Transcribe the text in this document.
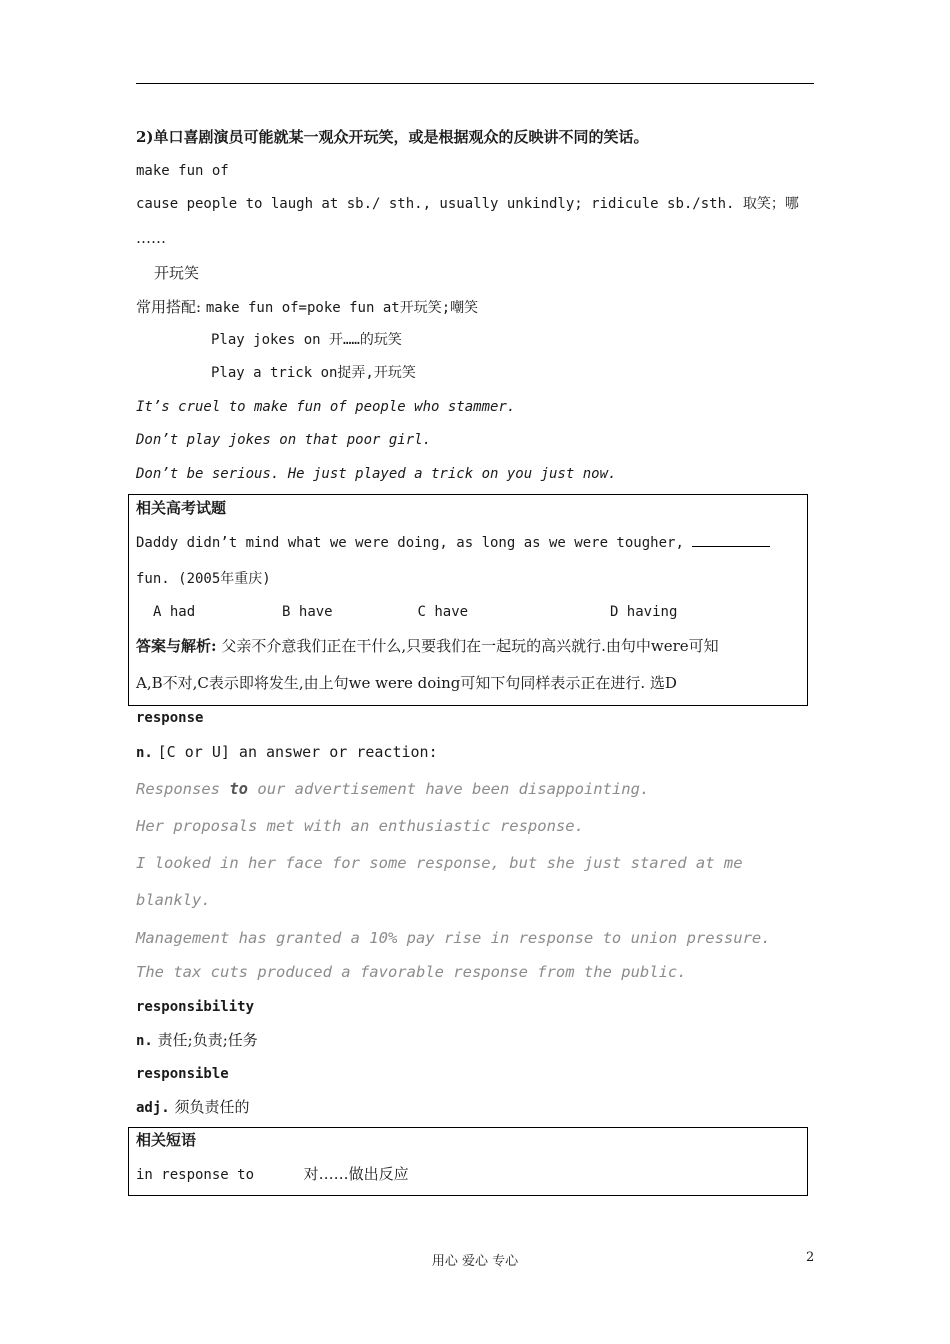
2)单口喜剧演员可能就某一观众开玩笑，或是根据观众的反映讲不同的笑话。
make fun of
cause people to laugh at sb./ sth., usually unkindly; ridicule sb./sth. 取笑；哪
……
开玩笑
常用搭配: make fun of=poke fun at开玩笑;嘲笑
Play jokes on 开……的玩笑
Play a trick on捉弄,开玩笑
It’s cruel to make fun of people who stammer.
Don’t play jokes on that poor girl.
Don’t be serious. He just played a trick on you just now.
相关高考试题
Daddy didn’t mind what we were doing, as long as we were tougher,
fun. (2005年重庆)
A had	B have	C have	D having
答案与解析: 父亲不介意我们正在干什么,只要我们在一起玩的高兴就行.由句中were可知
A,B不对,C表示即将发生,由上句we were doing可知下句同样表示正在进行. 选D
response
n. [C or U] an answer or reaction:
Responses to our advertisement have been disappointing.
Her proposals met with an enthusiastic response.
I looked in her face for some response, but she just stared at me
blankly.
Management has granted a 10% pay rise in response to union pressure.
The tax cuts produced a favorable response from the public.
responsibility
n. 责任;负责;任务
responsible
adj. 须负责任的
相关短语
in response to	对……做出反应
用心 爱心 专心	2
